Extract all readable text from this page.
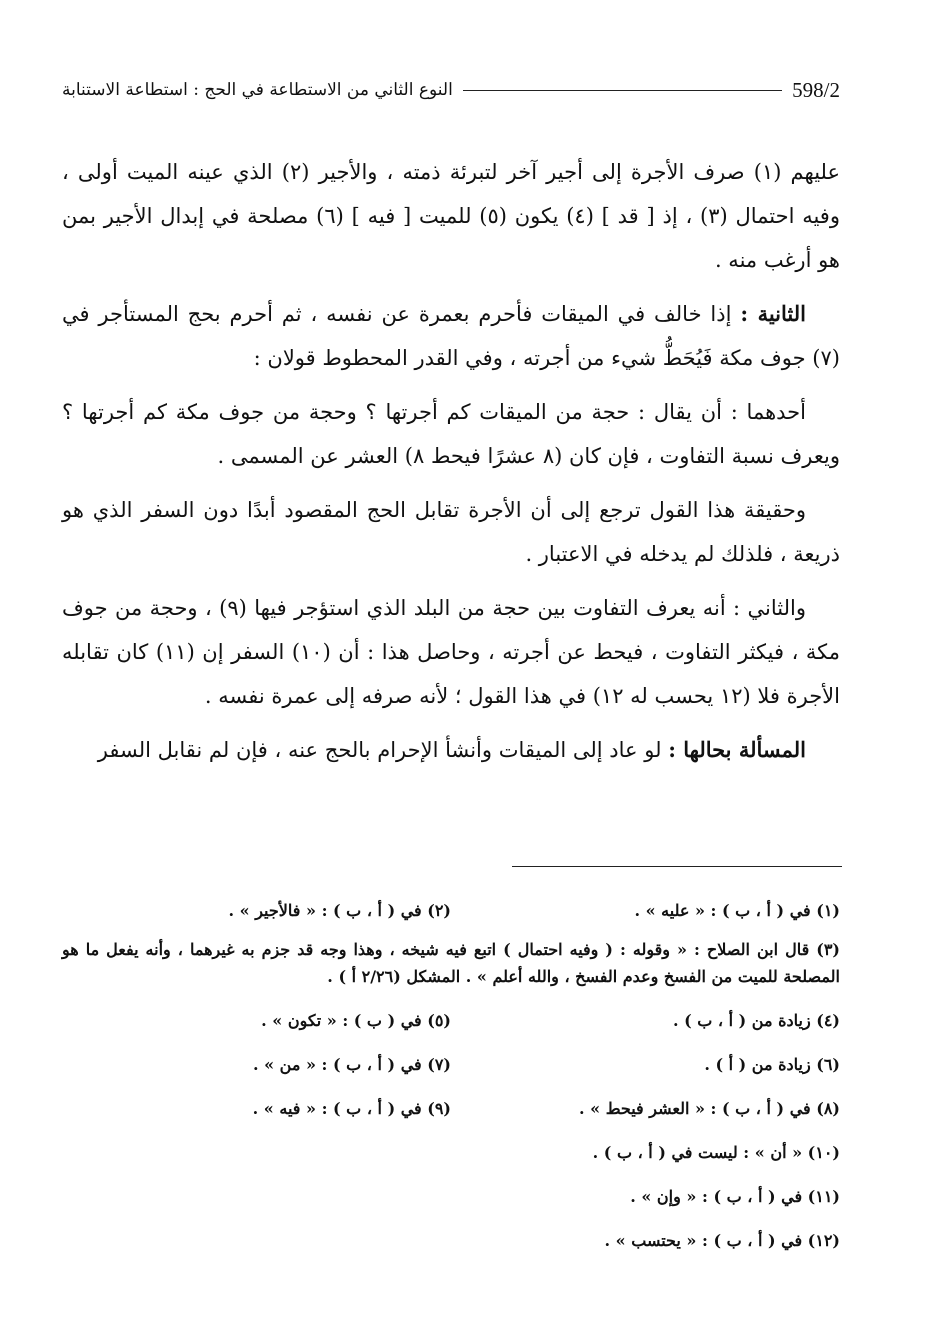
598/2
النوع الثاني من الاستطاعة في الحج : استطاعة الاستنابة

عليهم (١) صرف الأجرة إلى أجير آخر لتبرئة ذمته ، والأجير (٢) الذي عينه الميت أولى ، وفيه احتمال (٣) ، إذ [ قد ] (٤) يكون (٥) للميت [ فيه ] (٦) مصلحة في إبدال الأجير بمن هو أرغب منه .

الثانية : إذا خالف في الميقات فأحرم بعمرة عن نفسه ، ثم أحرم بحج المستأجر في (٧) جوف مكة فَيُحَطُّ شيء من أجرته ، وفي القدر المحطوط قولان :

أحدهما : أن يقال : حجة من الميقات كم أجرتها ؟ وحجة من جوف مكة كم أجرتها ؟ ويعرف نسبة التفاوت ، فإن كان (٨ عشرًا فيحط ٨) العشر عن المسمى .

وحقيقة هذا القول ترجع إلى أن الأجرة تقابل الحج المقصود أبدًا دون السفر الذي هو ذريعة ، فلذلك لم يدخله في الاعتبار .

والثاني : أنه يعرف التفاوت بين حجة من البلد الذي استؤجر فيها (٩) ، وحجة من جوف مكة ، فيكثر التفاوت ، فيحط عن أجرته ، وحاصل هذا : أن (١٠) السفر إن (١١) كان تقابله الأجرة فلا (١٢ يحسب له ١٢) في هذا القول ؛ لأنه صرفه إلى عمرة نفسه .

المسألة بحالها : لو عاد إلى الميقات وأنشأ الإحرام بالحج عنه ، فإن لم نقابل السفر

(١) في ( أ ، ب ) : « عليه » .
(٢) في ( أ ، ب ) : « فالأجير » .
(٣) قال ابن الصلاح : « وقوله : ( وفيه احتمال ) اتبع فيه شيخه ، وهذا وجه قد جزم به غيرهما ، وأنه يفعل ما هو المصلحة للميت من الفسخ وعدم الفسخ ، والله أعلم » . المشكل (٢/٢٦ أ ) .
(٤) زيادة من ( أ ، ب ) .
(٥) في ( ب ) : « تكون » .
(٦) زيادة من ( أ ) .
(٧) في ( أ ، ب ) : « من » .
(٨) في ( أ ، ب ) : « العشر فيحط » .
(٩) في ( أ ، ب ) : « فيه » .
(١٠) « أن » : ليست في ( أ ، ب ) .
(١١) في ( أ ، ب ) : « وإن » .
(١٢) في ( أ ، ب ) : « يحتسب » .
